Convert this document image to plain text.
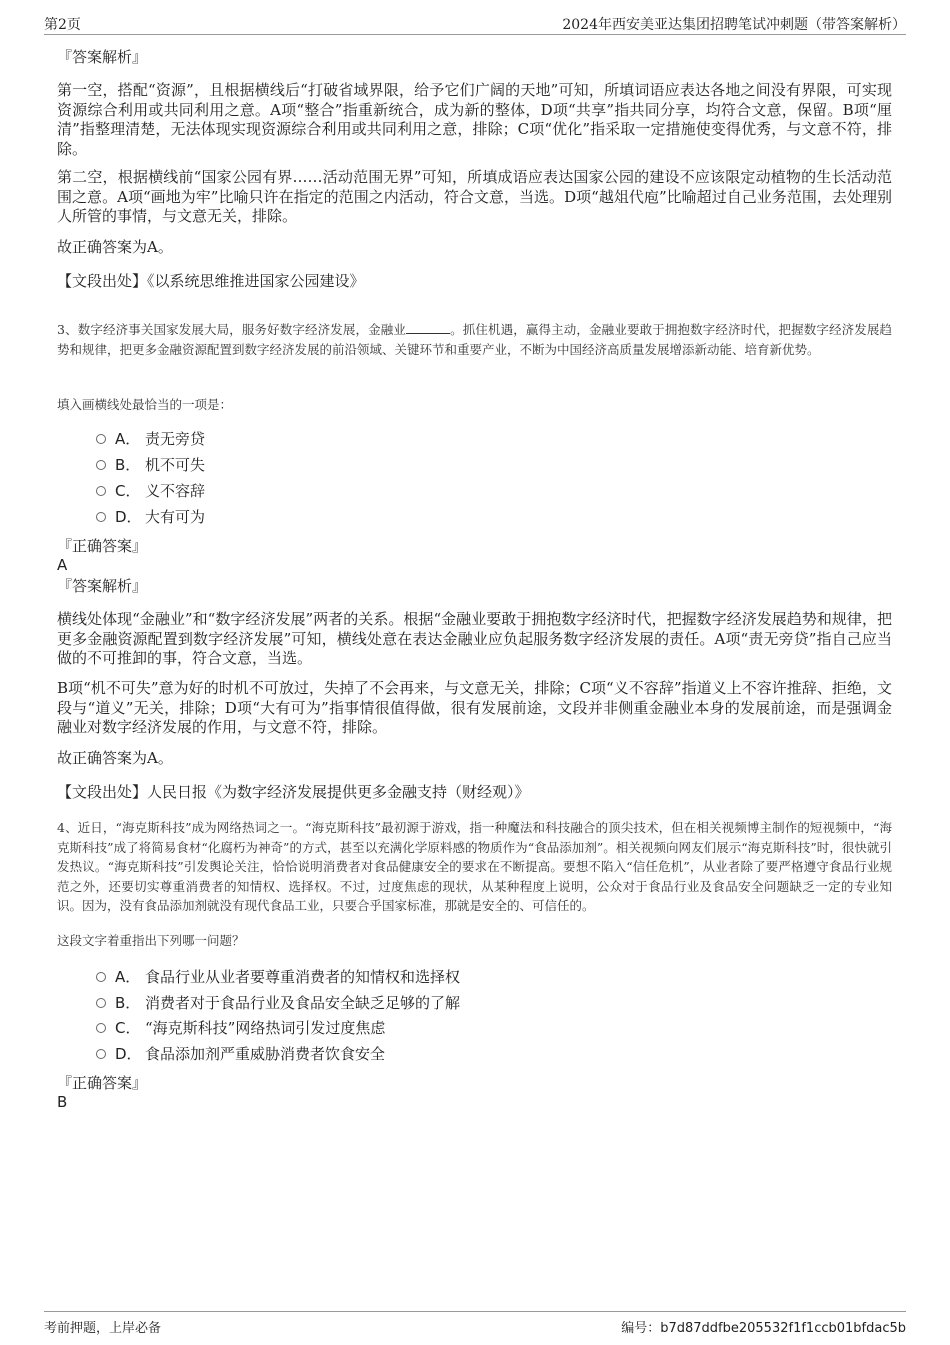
第2页	2024年西安美亚达集团招聘笔试冲刺题（带答案解析）
『答案解析』

第一空，搭配“资源”，且根据横线后“打破省域界限，给予它们广阔的天地”可知，所填词语应表达各地之间没有界限，可实现资源综合利用或共同利用之意。A项“整合”指重新统合，成为新的整体，D项“共享”指共同分享，均符合文意，保留。B项“厘清”指整理清楚，无法体现实现资源综合利用或共同利用之意，排除；C项“优化”指采取一定措施使变得优秀，与文意不符，排除。

第二空，根据横线前“国家公园有界……活动范围无界”可知，所填成语应表达国家公园的建设不应该限定动植物的生长活动范围之意。A项“画地为牢”比喻只许在指定的范围之内活动，符合文意，当选。D项“越俎代庖”比喻超过自己业务范围，去处理别人所管的事情，与文意无关，排除。

故正确答案为A。

【文段出处】《以系统思维推进国家公园建设》

3、数字经济事关国家发展大局，服务好数字经济发展，金融业	。抓住机遇，赢得主动，金融业要敢于拥抱数字经济时代，把握数字经济发展趋势和规律，把更多金融资源配置到数字经济发展的前沿领域、关键环节和重要产业，不断为中国经济高质量发展增添新动能、培育新优势。

填入画横线处最恰当的一项是：

A． 责无旁贷
B． 机不可失
C． 义不容辞
D． 大有可为
『正确答案』
A
『答案解析』

横线处体现“金融业”和“数字经济发展”两者的关系。根据“金融业要敢于拥抱数字经济时代，把握数字经济发展趋势和规律，把更多金融资源配置到数字经济发展”可知，横线处意在表达金融业应负起服务数字经济发展的责任。A项“责无旁贷”指自己应当做的不可推卸的事，符合文意，当选。

B项“机不可失”意为好的时机不可放过，失掉了不会再来，与文意无关，排除；C项“义不容辞”指道义上不容许推辞、拒绝，文段与“道义”无关，排除；D项“大有可为”指事情很值得做，很有发展前途，文段并非侧重金融业本身的发展前途，而是强调金融业对数字经济发展的作用，与文意不符，排除。

故正确答案为A。

【文段出处】人民日报《为数字经济发展提供更多金融支持（财经观）》

4、近日，“海克斯科技”成为网络热词之一。“海克斯科技”最初源于游戏，指一种魔法和科技融合的顶尖技术，但在相关视频博主制作的短视频中，“海克斯科技”成了将简易食材“化腐朽为神奇”的方式，甚至以充满化学原料感的物质作为“食品添加剂”。相关视频向网友们展示“海克斯科技”时，很快就引发热议。“海克斯科技”引发舆论关注，恰恰说明消费者对食品健康安全的要求在不断提高。要想不陷入“信任危机”，从业者除了要严格遵守食品行业规范之外，还要切实尊重消费者的知情权、选择权。不过，过度焦虑的现状，从某种程度上说明，公众对于食品行业及食品安全问题缺乏一定的专业知识。因为，没有食品添加剂就没有现代食品工业，只要合乎国家标准，那就是安全的、可信任的。

这段文字着重指出下列哪一问题？

A． 食品行业从业者要尊重消费者的知情权和选择权
B． 消费者对于食品行业及食品安全缺乏足够的了解
C． “海克斯科技”网络热词引发过度焦虑
D． 食品添加剂严重威胁消费者饮食安全
『正确答案』
B
考前押题，上岸必备	编号：b7d87ddfbe205532f1f1ccb01bfdac5b
